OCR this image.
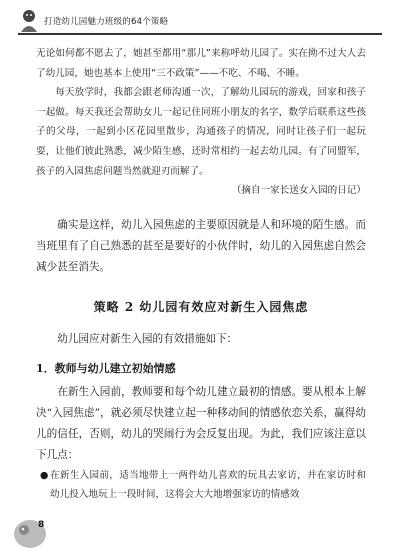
打造幼儿园魅力班级的64个策略

无论如何都不愿去了，她甚至都用“那儿”来称呼幼儿园了。实在拗不过大人去了幼儿园，她也基本上使用“三不政策”——不吃、不喝、不睡。

每天放学时，我都会跟老师沟通一次，了解幼儿园玩的游戏，回家和孩子一起做。每天我还会帮助女儿一起记住同班小朋友的名字，数学后联系这些孩子的父母，一起到小区花园里散步，沟通孩子的情况，同时让孩子们一起玩耍，让他们彼此熟悉，减少陌生感，还时常相约一起去幼儿园。有了同盟军，孩子的入园焦虑问题当然就迎刃而解了。

（摘自一家长送女入园的日记）

确实是这样，幼儿入园焦虑的主要原因就是人和环境的陌生感。而当班里有了自己熟悉的甚至是要好的小伙伴时，幼儿的入园焦虑自然会减少甚至消失。

策略 2 幼儿园有效应对新生入园焦虑

幼儿园应对新生入园的有效措施如下：

1．教师与幼儿建立初始情感

在新生入园前，教师要和每个幼儿建立最初的情感。要从根本上解决“入园焦虑”，就必须尽快建立起一种移动间的情感依恋关系，赢得幼儿的信任，否则，幼儿的哭闹行为会反复出现。为此，我们应该注意以下几点：

● 在新生入园前，适当地带上一两件幼儿喜欢的玩具去家访，并在家访时和幼儿投入地玩上一段时间，这将会大大地增强家访的情感效

8
